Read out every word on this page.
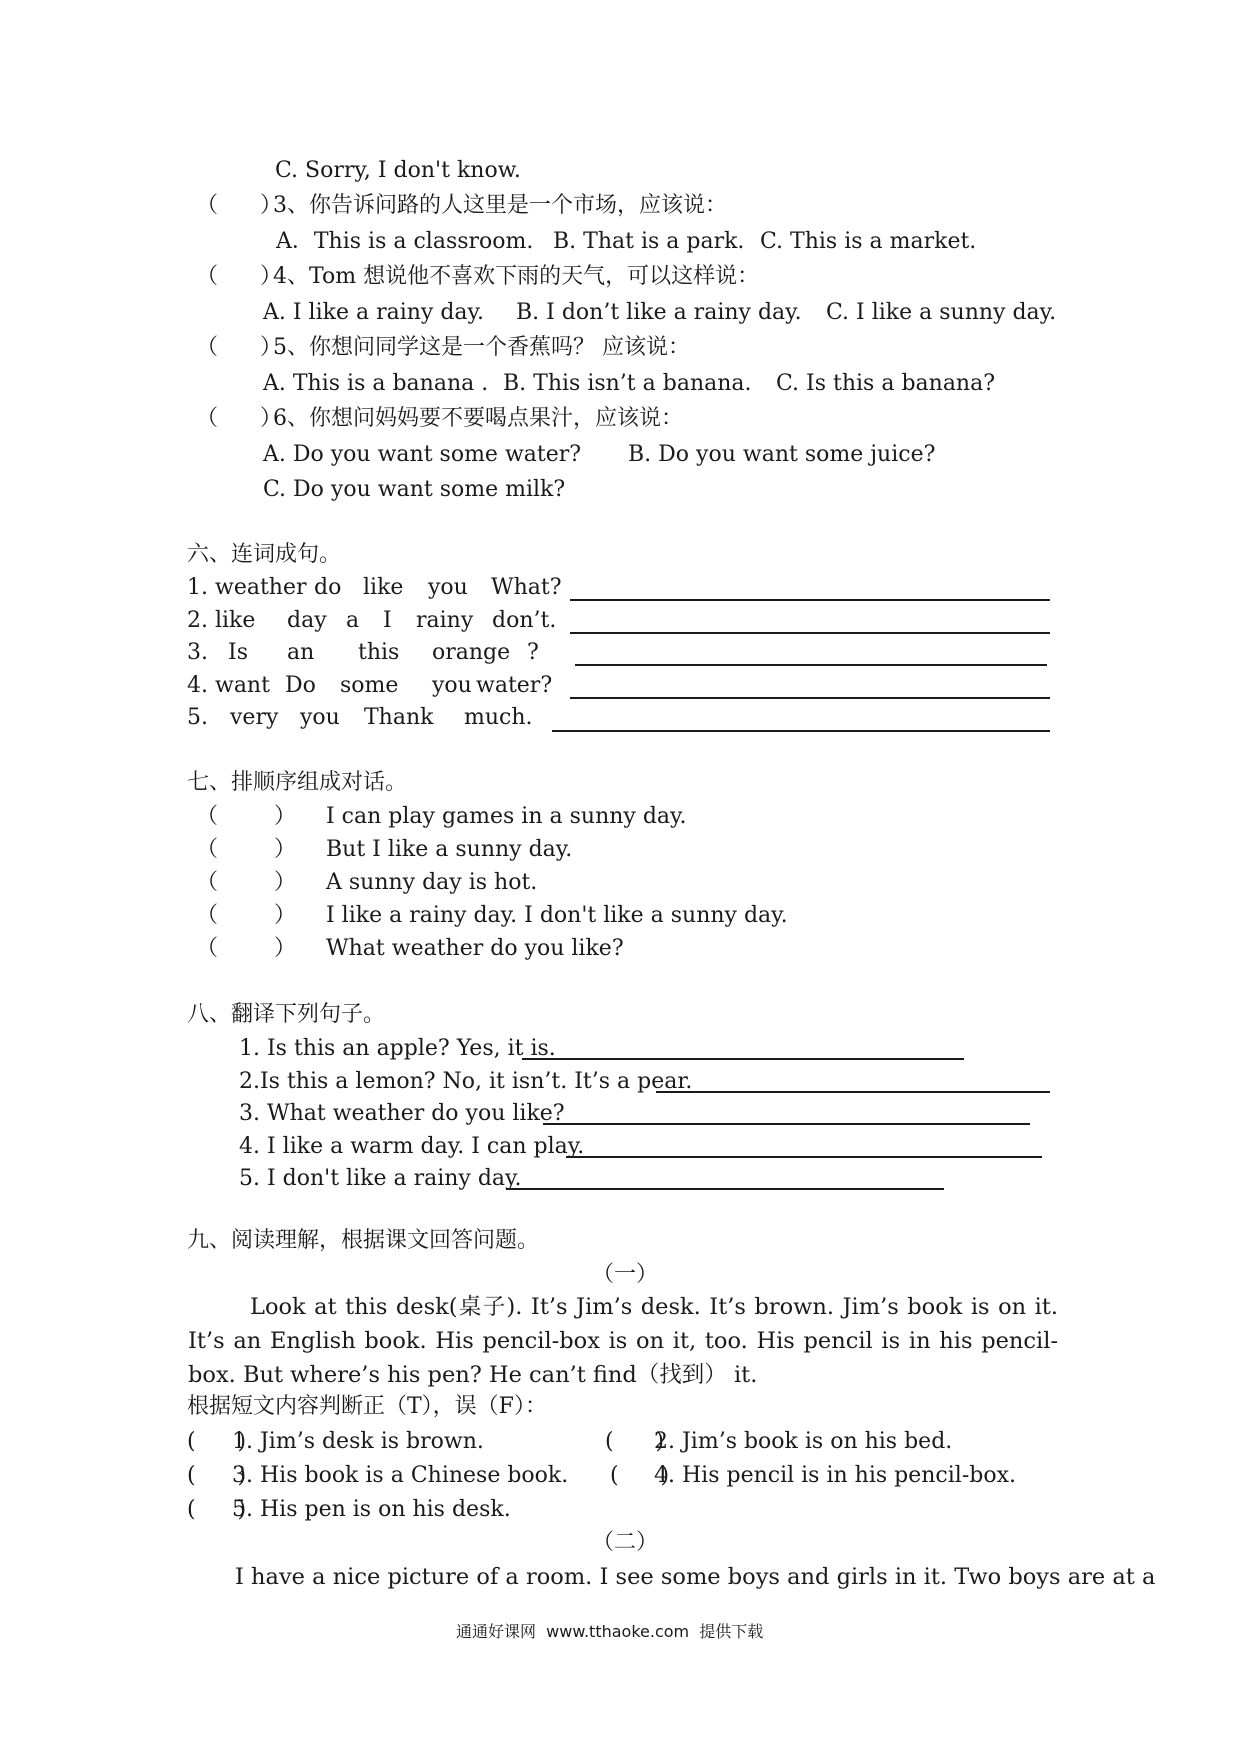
C. Sorry, I don't know.
（      ）
3、你告诉问路的人这里是一个市场，应该说：
A．This is a classroom. B. That is a park. C. This is a market.
（      ）
4、Tom 想说他不喜欢下雨的天气，可以这样说：
A. I like a rainy day. B. I don’t like a rainy day. C. I like a sunny day.
（      ）
5、你想问同学这是一个香蕉吗？ 应该说：
A. This is a banana . B. This isn’t a banana. C. Is this a banana?
（      ）
6、你想问妈妈要不要喝点果汁，应该说：
A. Do you want some water? B. Do you want some juice?
C. Do you want some milk?
六、连词成句。
1. weather do like you What?
2. like day a I rainy don’t.
3. Is an this orange ?
4. want Do some you water?
5. very you Thank much.
七、排顺序组成对话。
（        ） I can play games in a sunny day.
（        ） But I like a sunny day.
（        ） A sunny day is hot.
（        ） I like a rainy day. I don't like a sunny day.
（        ） What weather do you like?
八、翻译下列句子。
1. Is this an apple? Yes, it is.
2.Is this a lemon? No, it isn’t. It’s a pear.
3. What weather do you like?
4. I like a warm day. I can play.
5. I don't like a rainy day.
九、阅读理解，根据课文回答问题。
（一）
Look at this desk(桌子). It’s Jim’s desk. It’s brown. Jim’s book is on it. It’s an English book. His pencil-box is on it, too. His pencil is in his pencil-box. But where’s his pen? He can’t find（找到） it.
根据短文内容判断正（T），误（F）：
(      )
1. Jim’s desk is brown.	(      )
2. Jim’s book is on his bed.
(      )
3. His book is a Chinese book. (      )
4. His pencil is in his pencil-box.
(      )
5. His pen is on his desk.
（二）
I have a nice picture of a room. I see some boys and girls in it. Two boys are at a
通通好课网  www.tthaoke.com  提供下载
